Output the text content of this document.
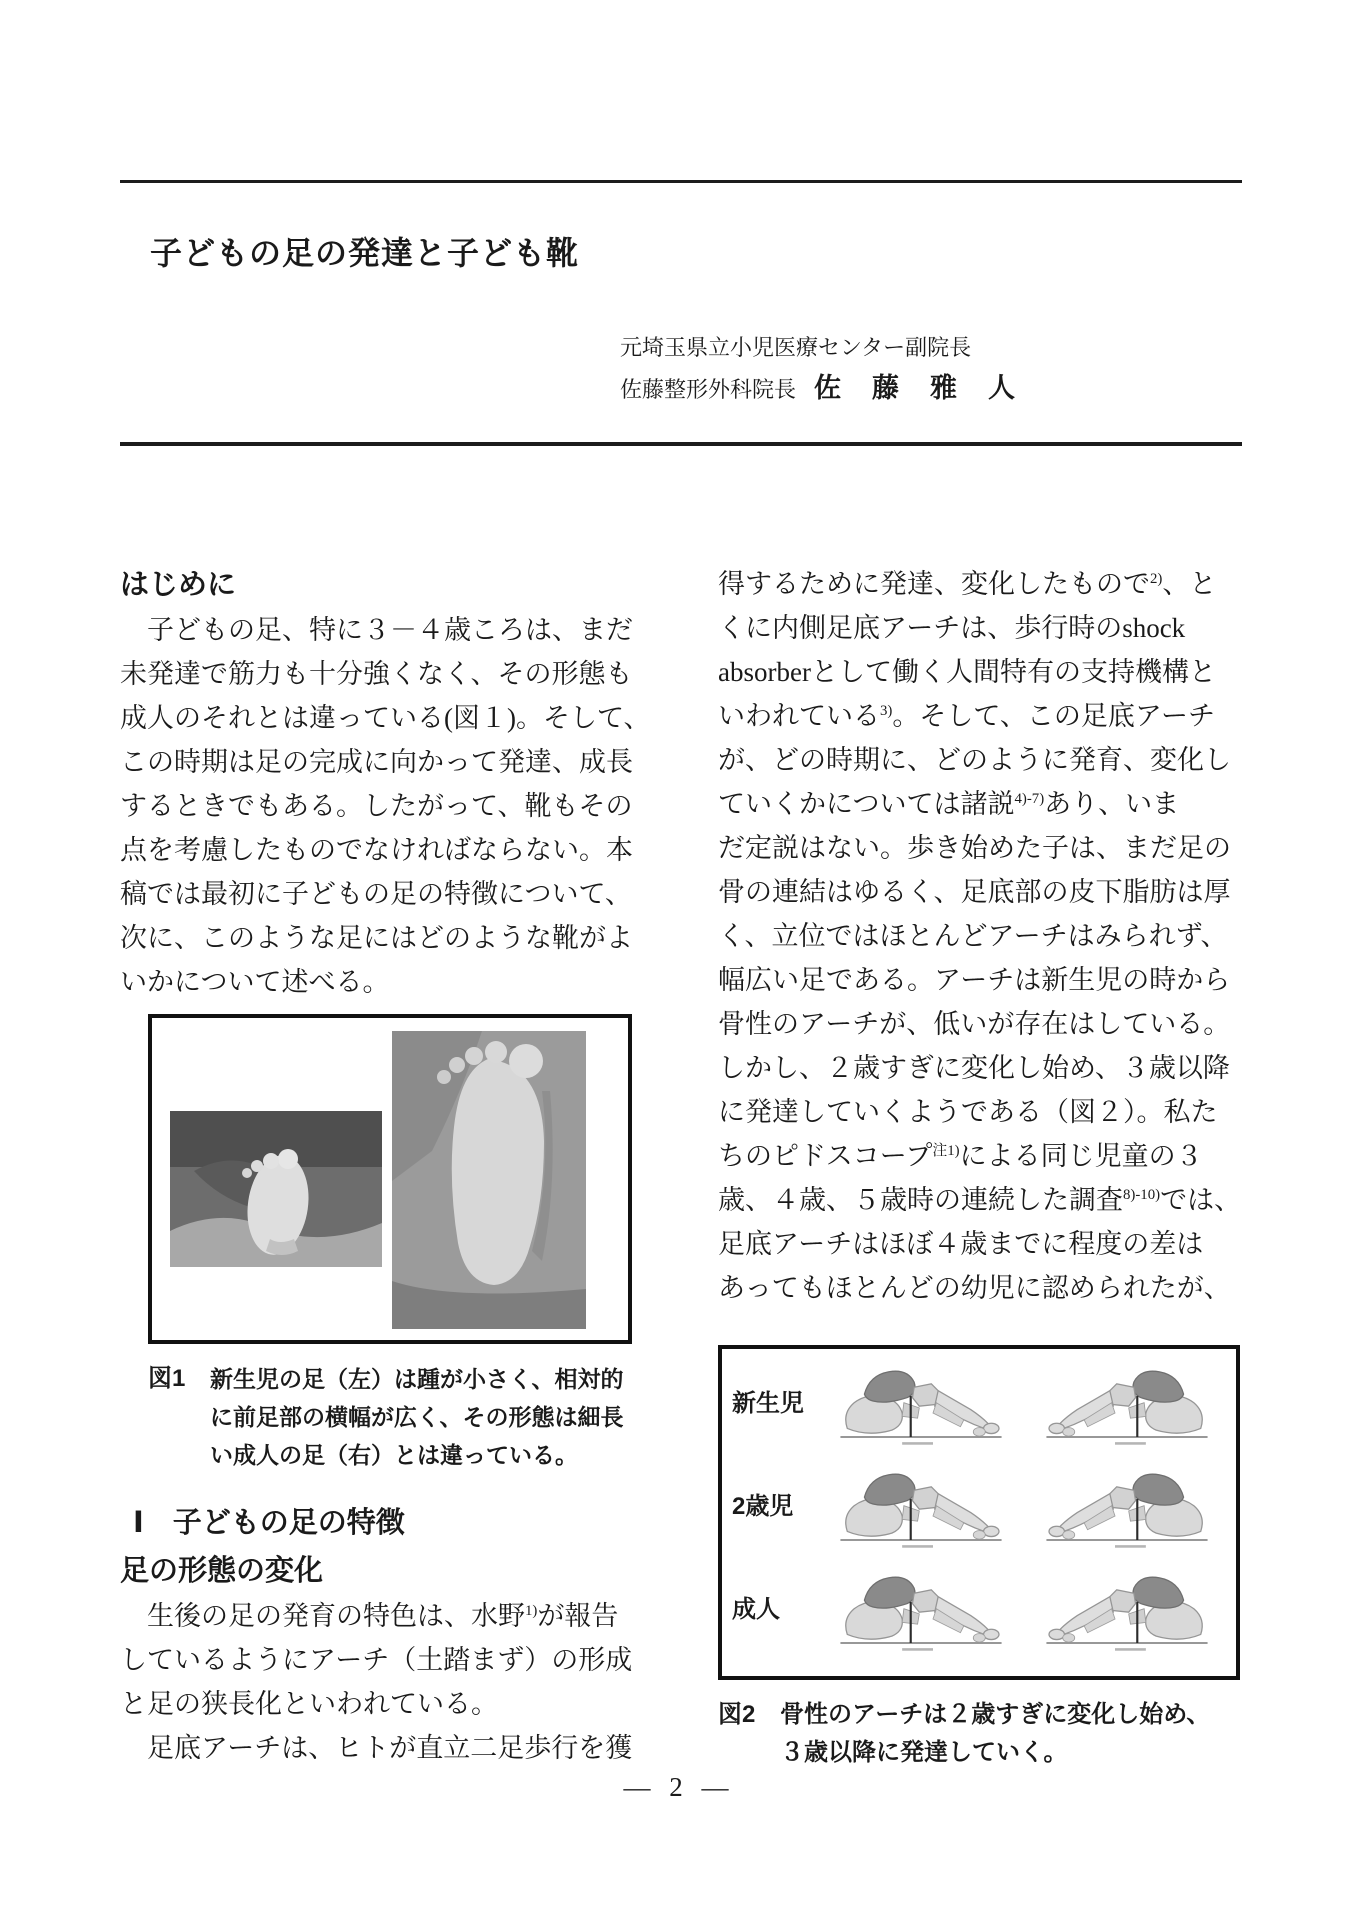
子どもの足の発達と子ども靴
元埼玉県立小児医療センター副院長
佐藤整形外科院長 佐　藤　雅　人
はじめに
　子どもの足、特に３－４歳ころは、まだ
未発達で筋力も十分強くなく、その形態も
成人のそれとは違っている(図１)。そして、
この時期は足の完成に向かって発達、成長
するときでもある。したがって、靴もその
点を考慮したものでなければならない。本
稿では最初に子どもの足の特徴について、
次に、このような足にはどのような靴がよ
いかについて述べる。
図1	新生児の足（左）は踵が小さく、相対的
に前足部の横幅が広く、その形態は細長
い成人の足（右）とは違っている。
Ⅰ　子どもの足の特徴
足の形態の変化
　生後の足の発育の特色は、水野$^{1)}$が報告
しているようにアーチ（土踏まず）の形成
と足の狭長化といわれている。
　足底アーチは、ヒトが直立二足歩行を獲
得するために発達、変化したもので$^{2)}$、と
くに内側足底アーチは、歩行時のshock
absorberとして働く人間特有の支持機構と
いわれている$^{3)}$。そして、この足底アーチ
が、どの時期に、どのように発育、変化し
ていくかについては諸説$^{4)-7)}$あり、いま
だ定説はない。歩き始めた子は、まだ足の
骨の連結はゆるく、足底部の皮下脂肪は厚
く、立位ではほとんどアーチはみられず、
幅広い足である。アーチは新生児の時から
骨性のアーチが、低いが存在はしている。
しかし、２歳すぎに変化し始め、３歳以降
に発達していくようである（図２）。私た
ちのピドスコープ$^{注1)}$による同じ児童の３
歳、４歳、５歳時の連続した調査$^{8)-10)}$では、
足底アーチはほぼ４歳までに程度の差は
あってもほとんどの幼児に認められたが、
新生児
2歳児
成人
図2	骨性のアーチは２歳すぎに変化し始め、
３歳以降に発達していく。
— 2 —
